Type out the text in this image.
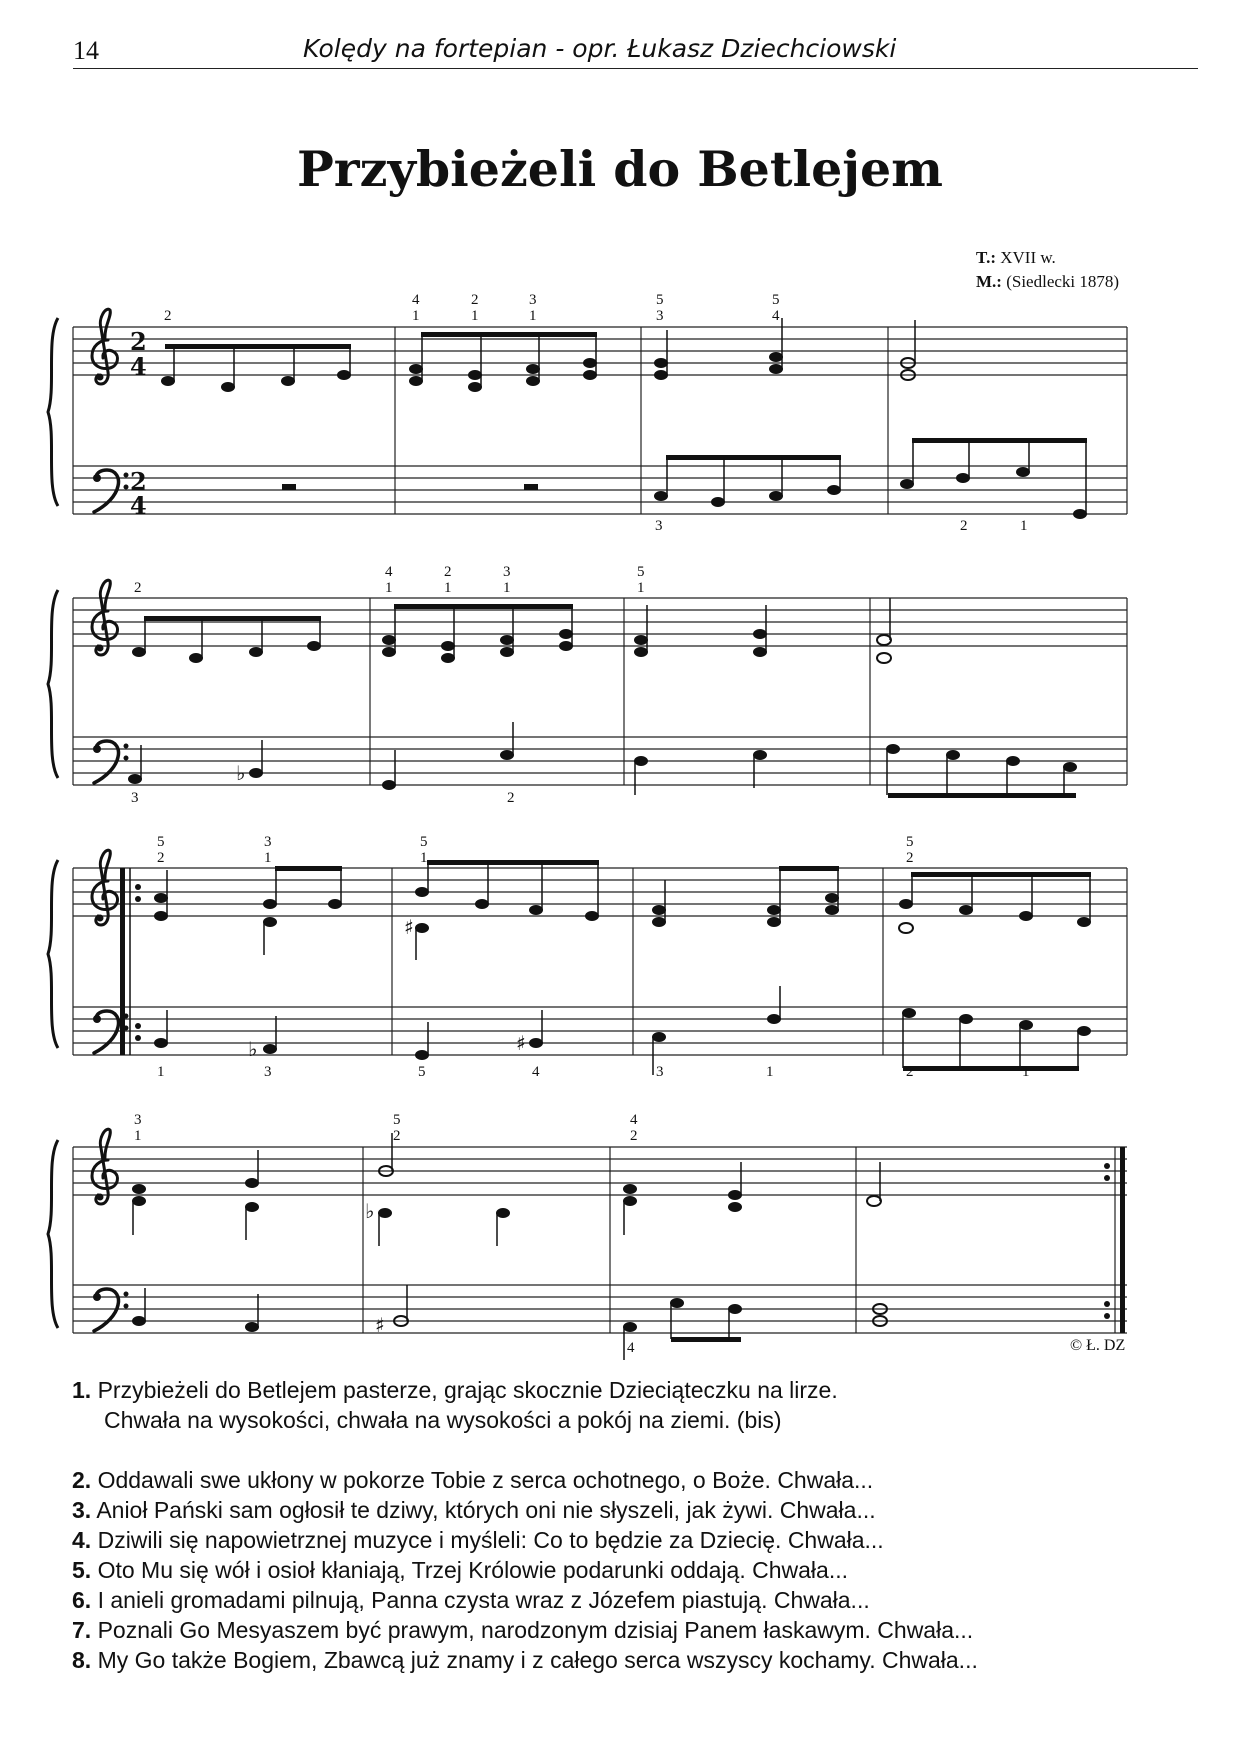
14	Kolędy na fortepian - opr. Łukasz Dziechciowski
Przybieżeli do Betlejem
T.: XVII w.
M.: (Siedlecki 1878)
2
4
2
4
2
4
1
2
1
3
1
5
3
5
4
3	2	1
♭
2
4
1
2
1
3
1
5
1
3	2
♭
♯
♯
5
2
3
1
5
1
5
2
1	3	5	4	3	1	2	1
♭
♯
3
1
5
2
4
2
4	© Ł. DZ
1. Przybieżeli do Betlejem pasterze, grając skocznie Dzieciąteczku na lirze.
Chwała na wysokości, chwała na wysokości a pokój na ziemi. (bis)
2. Oddawali swe ukłony w pokorze Tobie z serca ochotnego, o Boże. Chwała...
3. Anioł Pański sam ogłosił te dziwy, których oni nie słyszeli, jak żywi. Chwała...
4. Dziwili się napowietrznej muzyce i myśleli: Co to będzie za Dziecię. Chwała...
5. Oto Mu się wół i osioł kłaniają, Trzej Królowie podarunki oddają. Chwała...
6. I anieli gromadami pilnują, Panna czysta wraz z Józefem piastują. Chwała...
7. Poznali Go Mesyaszem być prawym, narodzonym dzisiaj Panem łaskawym. Chwała...
8. My Go także Bogiem, Zbawcą już znamy i z całego serca wszyscy kochamy. Chwała...
